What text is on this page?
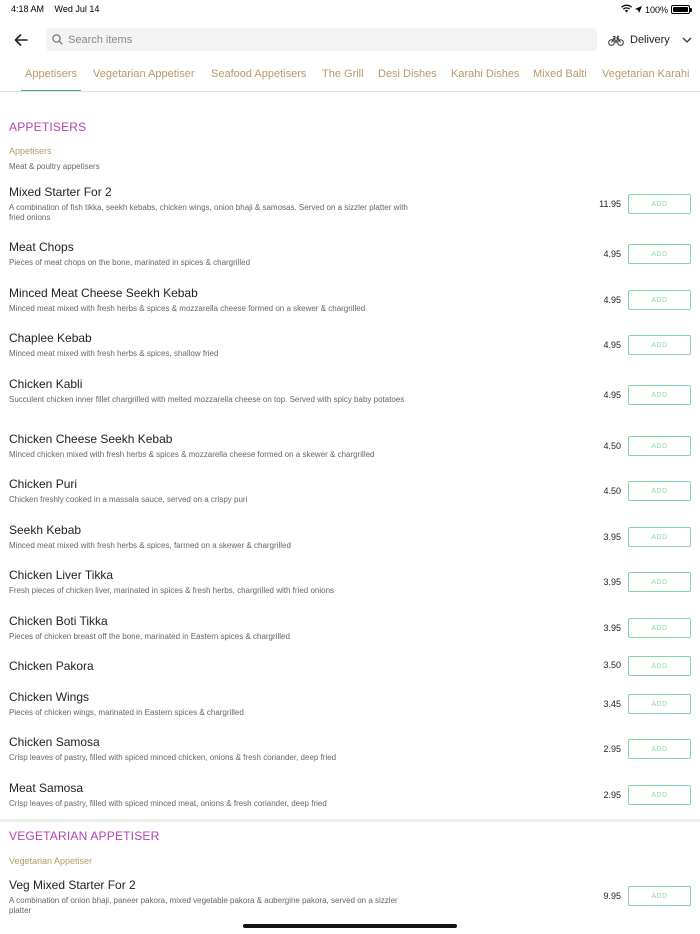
4:18 AM Wed Jul 14	100%
Search items
Delivery
Appetisers Vegetarian Appetiser Seafood Appetisers The Grill Desi Dishes Karahi Dishes Mixed Balti Vegetarian Karahi
APPETISERS
Appetisers
Meat & poultry appetisers
Mixed Starter For 2
A combination of fish tikka, seekh kebabs, chicken wings, onion bhaji & samosas. Served on a sizzler platter with fried onions
11.95	ADD
Meat Chops
Pieces of meat chops on the bone, marinated in spices & chargrilled
4.95	ADD
Minced Meat Cheese Seekh Kebab
Minced meat mixed with fresh herbs & spices & mozzarella cheese formed on a skewer & chargrilled
4.95	ADD
Chaplee Kebab
Minced meat mixed with fresh herbs & spices, shallow fried
4.95	ADD
Chicken Kabli
Succulent chicken inner fillet chargrilled with melted mozzarella cheese on top. Served with spicy baby potatoes	4.95	ADD
Chicken Cheese Seekh Kebab
Minced chicken mixed with fresh herbs & spices & mozzarella cheese formed on a skewer & chargrilled
4.50	ADD
Chicken Puri
Chicken freshly cooked in a massala sauce, served on a crispy puri
4.50	ADD
Seekh Kebab
Minced meat mixed with fresh herbs & spices, farmed on a skewer & chargrilled
3.95	ADD
Chicken Liver Tikka
Fresh pieces of chicken liver, marinated in spices & fresh herbs, chargrilled with fried onions
3.95	ADD
Chicken Boti Tikka
Pieces of chicken breast off the bone, marinated in Eastern spices & chargrilled
3.95	ADD
Chicken Pakora	3.50	ADD
Chicken Wings
Pieces of chicken wings, marinated in Eastern spices & chargrilled
3.45	ADD
Chicken Samosa
Crisp leaves of pastry, filled with spiced minced chicken, onions & fresh coriander, deep fried
2.95	ADD
Meat Samosa
Crisp leaves of pastry, filled with spiced minced meat, onions & fresh coriander, deep fried
2.95	ADD
VEGETARIAN APPETISER
Vegetarian Appetiser
Veg Mixed Starter For 2
A combination of onion bhaji, paneer pakora, mixed vegetable pakora & aubergine pakora, served on a sizzler platter
9.95	ADD
